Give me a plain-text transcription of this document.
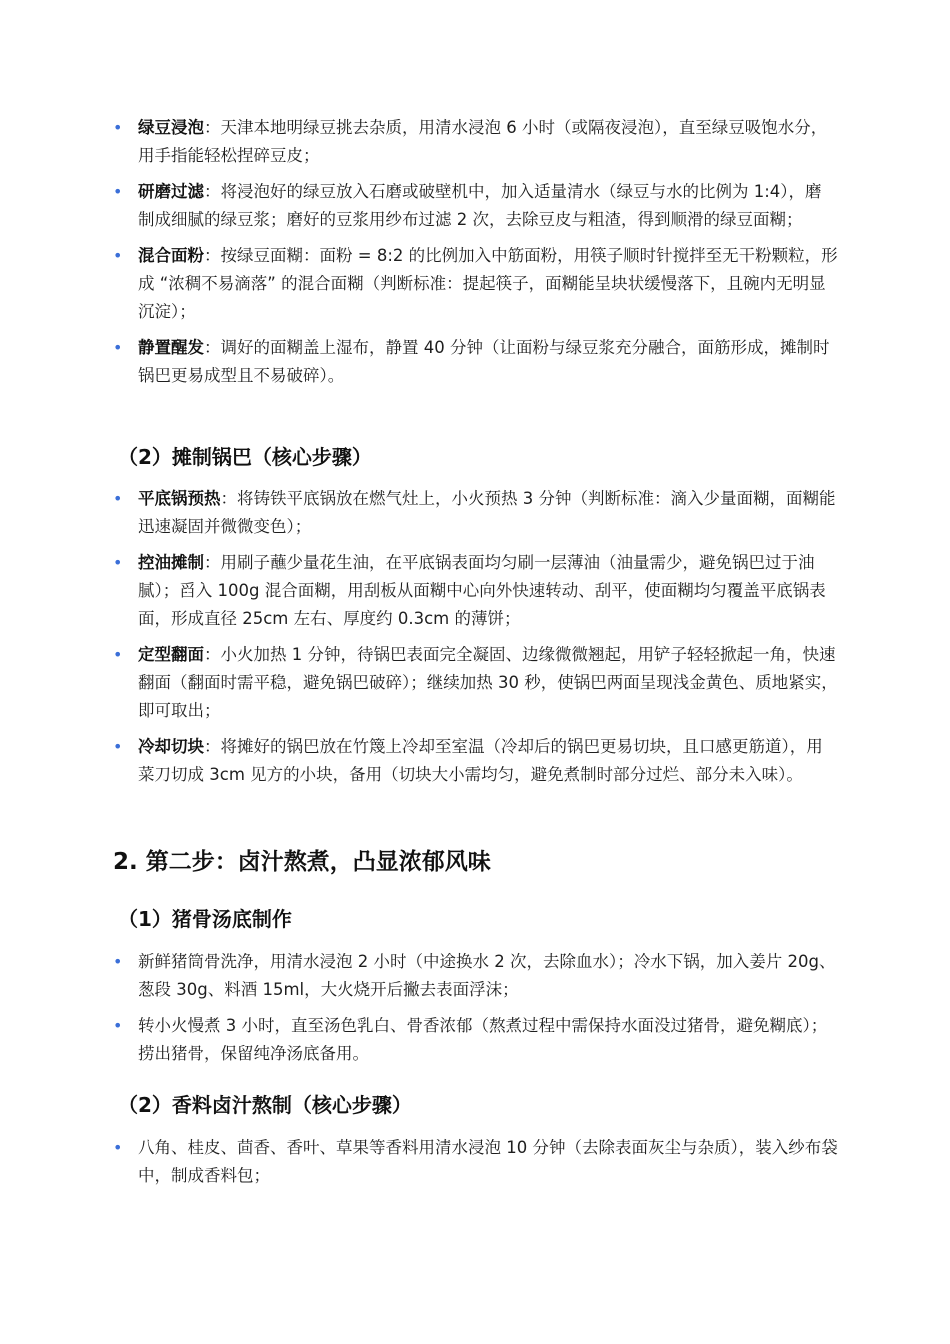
• 绿豆浸泡：天津本地明绿豆挑去杂质，用清水浸泡 6 小时（或隔夜浸泡），直至绿豆吸饱水分，用手指能轻松捏碎豆皮；
• 研磨过滤：将浸泡好的绿豆放入石磨或破壁机中，加入适量清水（绿豆与水的比例为 1:4），磨制成细腻的绿豆浆；磨好的豆浆用纱布过滤 2 次，去除豆皮与粗渣，得到顺滑的绿豆面糊；
• 混合面粉：按绿豆面糊：面粉 = 8:2 的比例加入中筋面粉，用筷子顺时针搅拌至无干粉颗粒，形成 “浓稠不易滴落” 的混合面糊（判断标准：提起筷子，面糊能呈块状缓慢落下，且碗内无明显沉淀）；
• 静置醒发：调好的面糊盖上湿布，静置 40 分钟（让面粉与绿豆浆充分融合，面筋形成，摊制时锅巴更易成型且不易破碎）。
（2）摊制锅巴（核心步骤）
• 平底锅预热：将铸铁平底锅放在燃气灶上，小火预热 3 分钟（判断标准：滴入少量面糊，面糊能迅速凝固并微微变色）；
• 控油摊制：用刷子蘸少量花生油，在平底锅表面均匀刷一层薄油（油量需少，避免锅巴过于油腻）；舀入 100g 混合面糊，用刮板从面糊中心向外快速转动、刮平，使面糊均匀覆盖平底锅表面，形成直径 25cm 左右、厚度约 0.3cm 的薄饼；
• 定型翻面：小火加热 1 分钟，待锅巴表面完全凝固、边缘微微翘起，用铲子轻轻掀起一角，快速翻面（翻面时需平稳，避免锅巴破碎）；继续加热 30 秒，使锅巴两面呈现浅金黄色、质地紧实，即可取出；
• 冷却切块：将摊好的锅巴放在竹篾上冷却至室温（冷却后的锅巴更易切块，且口感更筋道），用菜刀切成 3cm 见方的小块，备用（切块大小需均匀，避免煮制时部分过烂、部分未入味）。
2. 第二步：卤汁熬煮，凸显浓郁风味
（1）猪骨汤底制作
• 新鲜猪筒骨洗净，用清水浸泡 2 小时（中途换水 2 次，去除血水）；冷水下锅，加入姜片 20g、葱段 30g、料酒 15ml，大火烧开后撇去表面浮沫；
• 转小火慢煮 3 小时，直至汤色乳白、骨香浓郁（熬煮过程中需保持水面没过猪骨，避免糊底）；捞出猪骨，保留纯净汤底备用。
（2）香料卤汁熬制（核心步骤）
• 八角、桂皮、茴香、香叶、草果等香料用清水浸泡 10 分钟（去除表面灰尘与杂质），装入纱布袋中，制成香料包；
